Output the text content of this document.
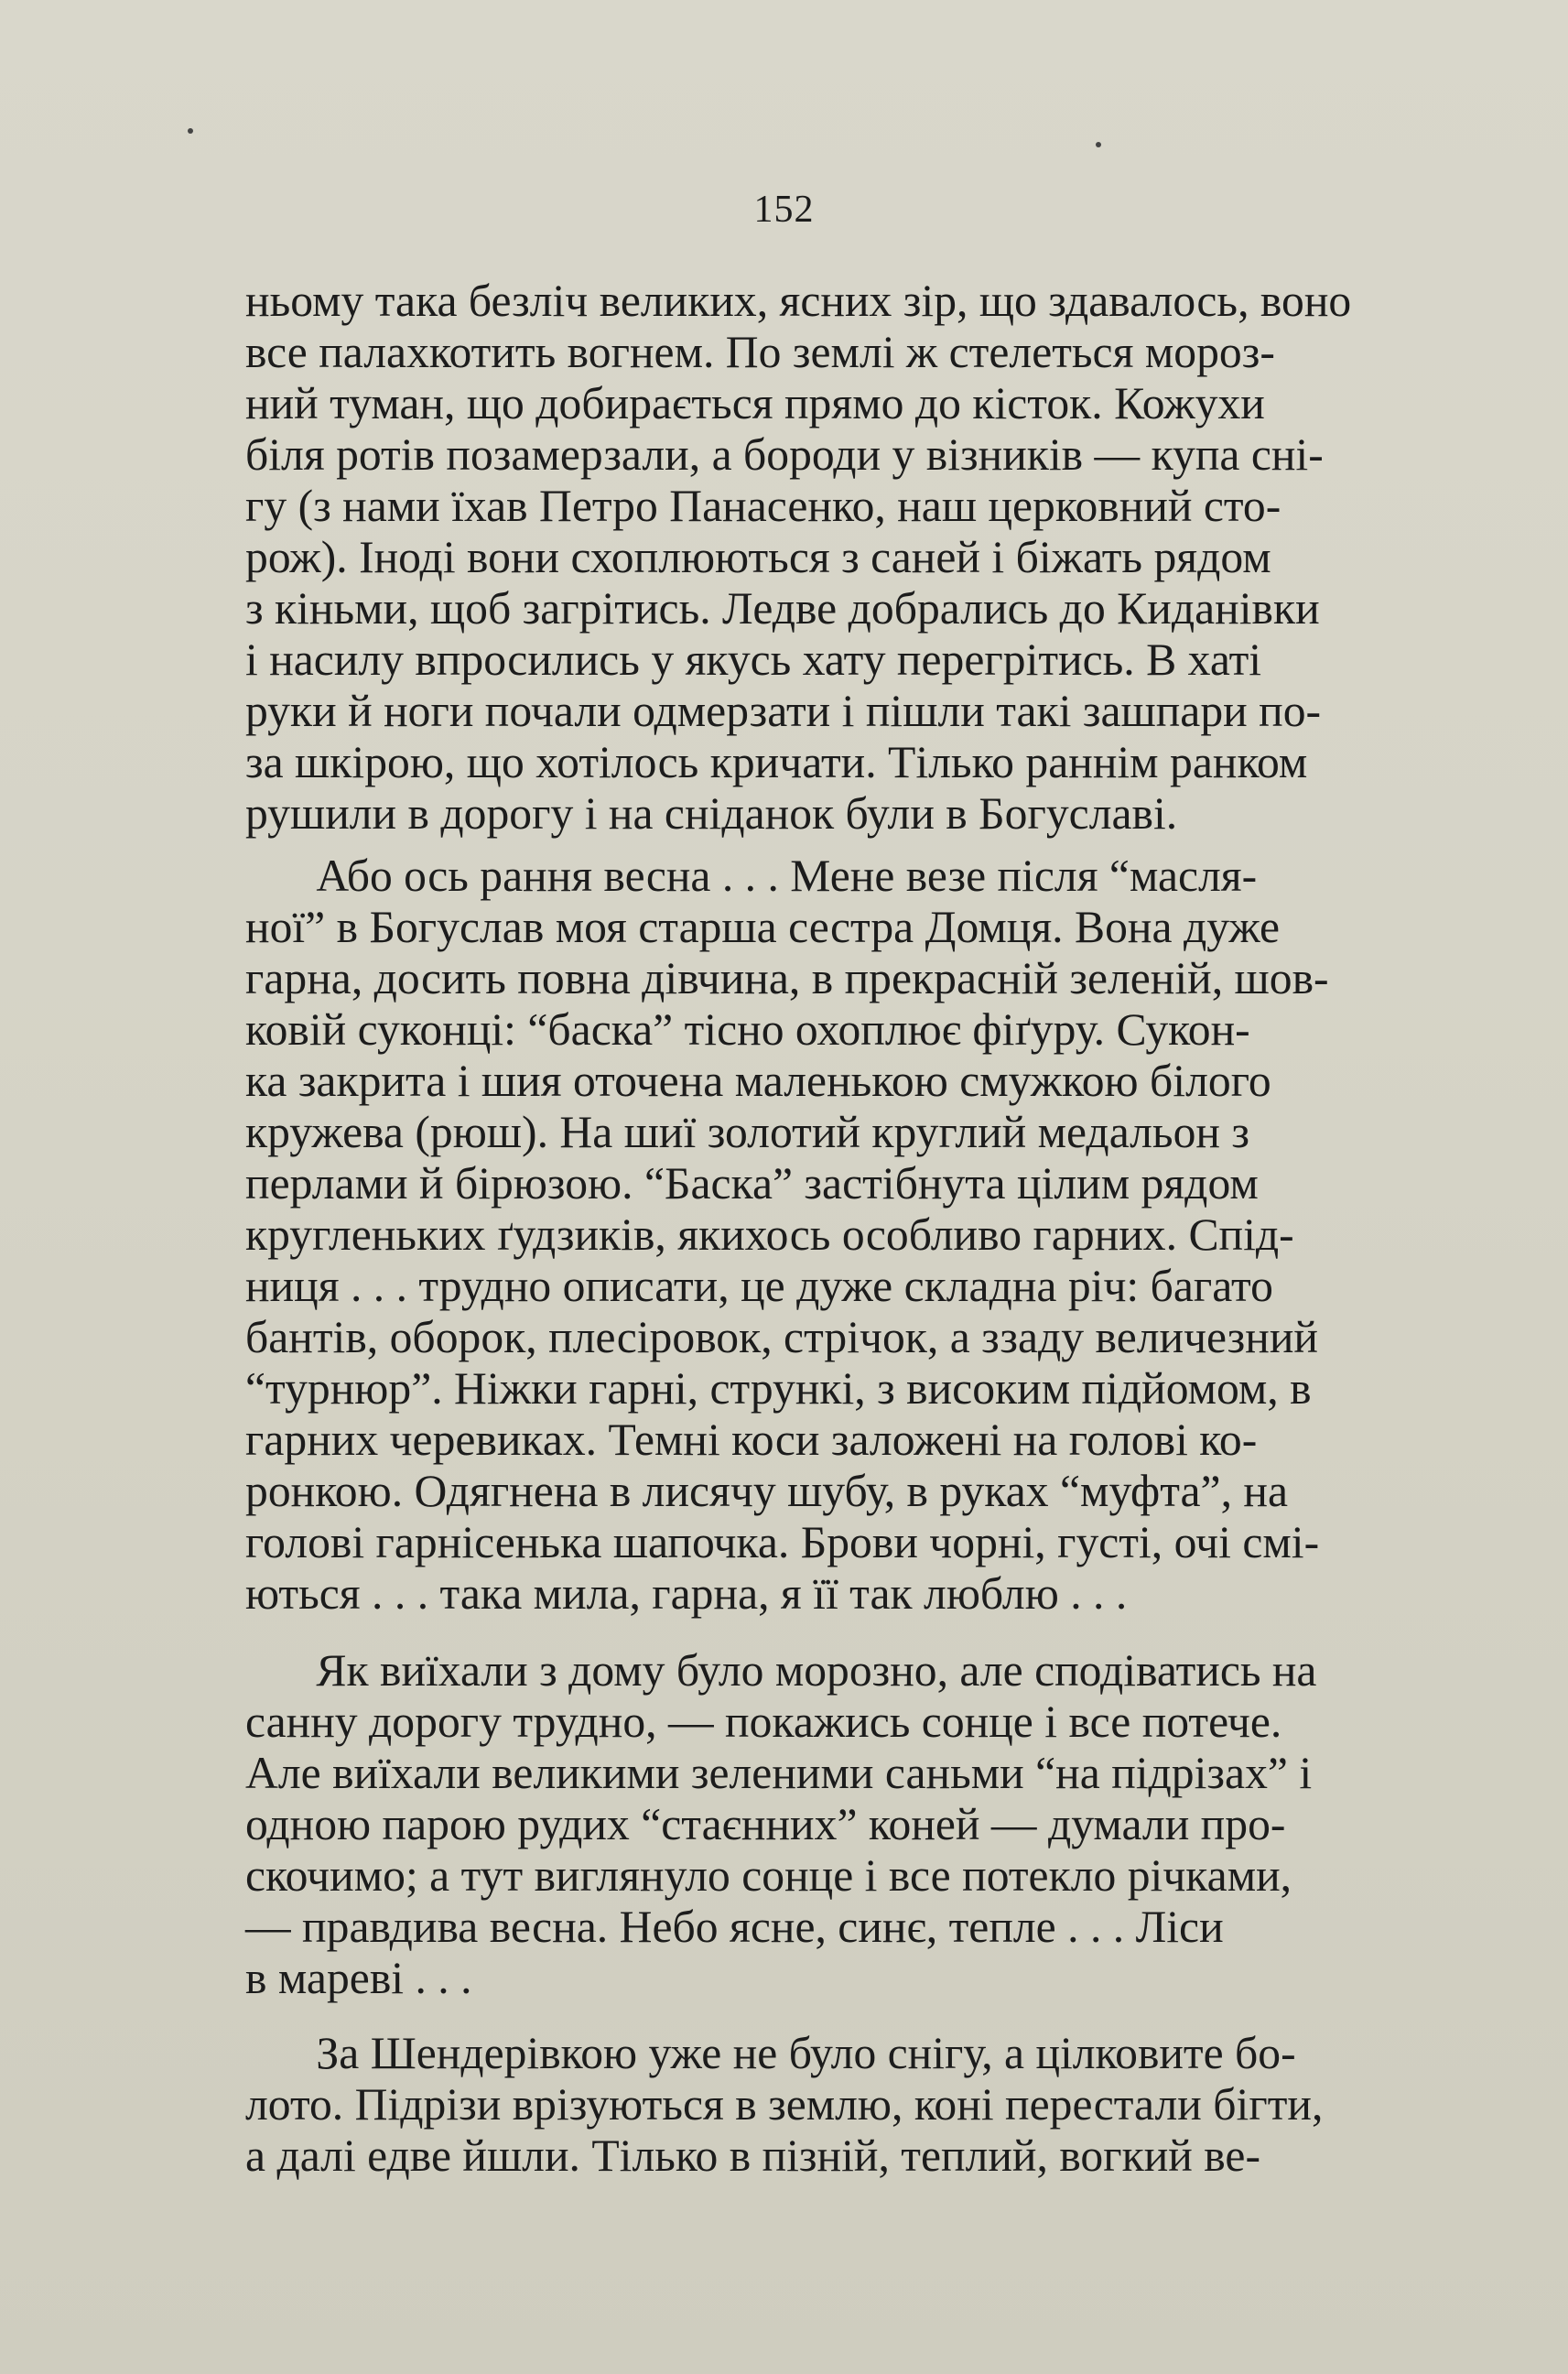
152
ньому така безліч великих, ясних зір, що здавалось, воно
все палахкотить вогнем. По землі ж стелеться мороз-
ний туман, що добирається прямо до кісток. Кожухи
біля ротів позамерзали, а бороди у візників — купа сні-
гу (з нами їхав Петро Панасенко, наш церковний сто-
рож). Іноді вони схоплюються з саней і біжать рядом
з кіньми, щоб загрітись. Ледве добрались до Киданівки
і насилу впросились у якусь хату перегрітись. В хаті
руки й ноги почали одмерзати і пішли такі зашпари по-
за шкірою, що хотілось кричати. Тілько раннім ранком
рушили в дорогу і на сніданок були в Богуславі.
Або ось рання весна . . . Мене везе після “масля-
ної” в Богуслав моя старша сестра Домця. Вона дуже
гарна, досить повна дівчина, в прекрасній зеленій, шов-
ковій суконці: “баска” тісно охоплює фіґуру. Сукон-
ка закрита і шия оточена маленькою смужкою білого
кружева (рюш). На шиї золотий круглий медальон з
перлами й бірюзою. “Баска” застібнута цілим рядом
кругленьких ґудзиків, якихось особливо гарних. Спід-
ниця . . . трудно описати, це дуже складна річ: багато
бантів, оборок, плесіровок, стрічок, а ззаду величезний
“турнюр”. Ніжки гарні, стрункі, з високим підйомом, в
гарних черевиках. Темні коси заложені на голові ко-
ронкою. Одягнена в лисячу шубу, в руках “муфта”, на
голові гарнісенька шапочка. Брови чорні, густі, очі смі-
ються . . . така мила, гарна, я її так люблю . . .
Як виїхали з дому було морозно, але сподіватись на
санну дорогу трудно, — покажись сонце і все потече.
Але виїхали великими зеленими саньми “на підрізах” і
одною парою рудих “стаєнних” коней — думали про-
скочимо; а тут виглянуло сонце і все потекло річками,
— правдива весна. Небо ясне, синє, тепле . . . Ліси
в мареві . . .
За Шендерівкою уже не було снігу, а цілковите бо-
лото. Підрізи врізуються в землю, коні перестали бігти,
а далі едве йшли. Тілько в пізній, теплий, вогкий ве-
